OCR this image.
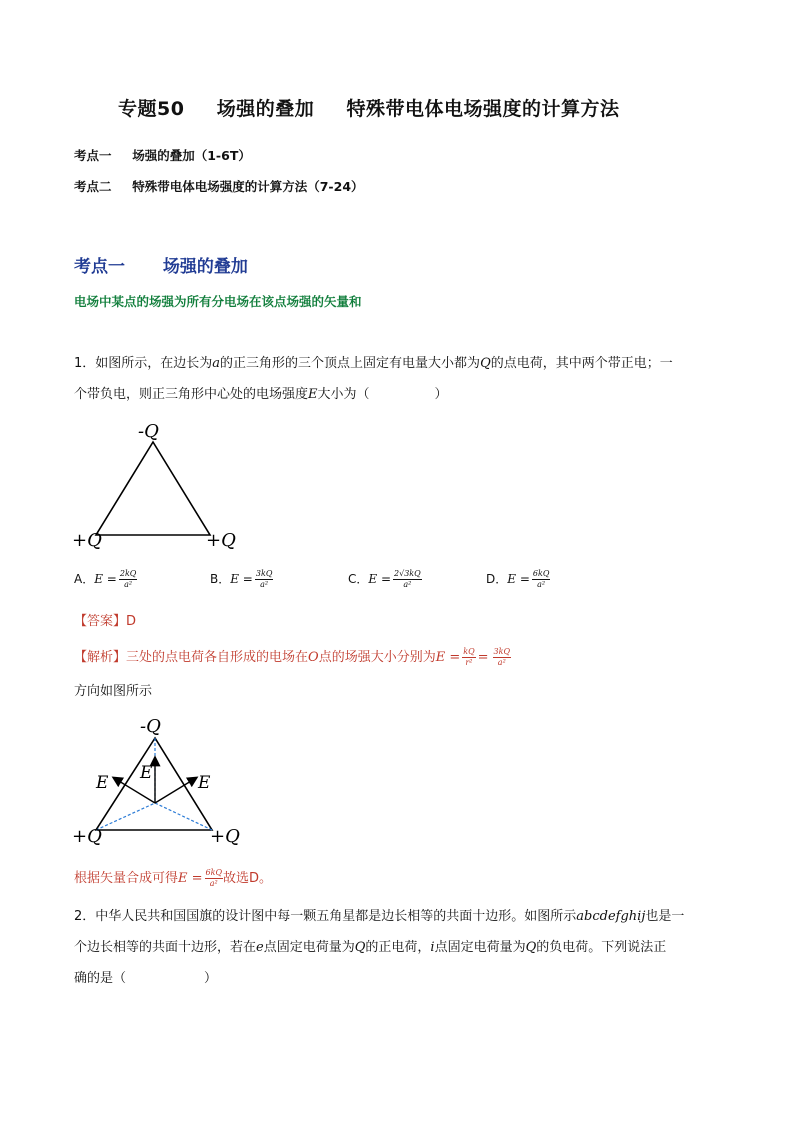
专题50 场强的叠加 特殊带电体电场强度的计算方法
考点一 场强的叠加（1-6T）
考点二 特殊带电体电场强度的计算方法（7-24）
考点一 场强的叠加
电场中某点的场强为所有分电场在该点场强的矢量和
1．如图所示，在边长为a的正三角形的三个顶点上固定有电量大小都为Q的点电荷，其中两个带正电；一
个带负电，则正三角形中心处的电场强度E大小为（　　　　　）
-Q
+Q	+Q
A．$E = \frac{2kQ}{\text{a²}}$	B．$E = \frac{3kQ}{\text{a²}}$	C．$E = \frac{2√3kQ}{\text{a²}}$	D．$E = \frac{6kQ}{\text{a²}}$
【答案】D
【解析】三处的点电荷各自形成的电场在O点的场强大小分别为$E = \frac{kQ}{\text{r²}} = \frac{3kQ}{\text{a²}}$
方向如图所示
-Q
+Q	+Q
E E	E
根据矢量合成可得$E = \frac{6kQ}{\text{a²}}$ 故选D。
2．中华人民共和国国旗的设计图中每一颗五角星都是边长相等的共面十边形。如图所示abcdefghij也是一
个边长相等的共面十边形，若在e点固定电荷量为Q的正电荷，i点固定电荷量为Q的负电荷。下列说法正
确的是（　　　　　　）
